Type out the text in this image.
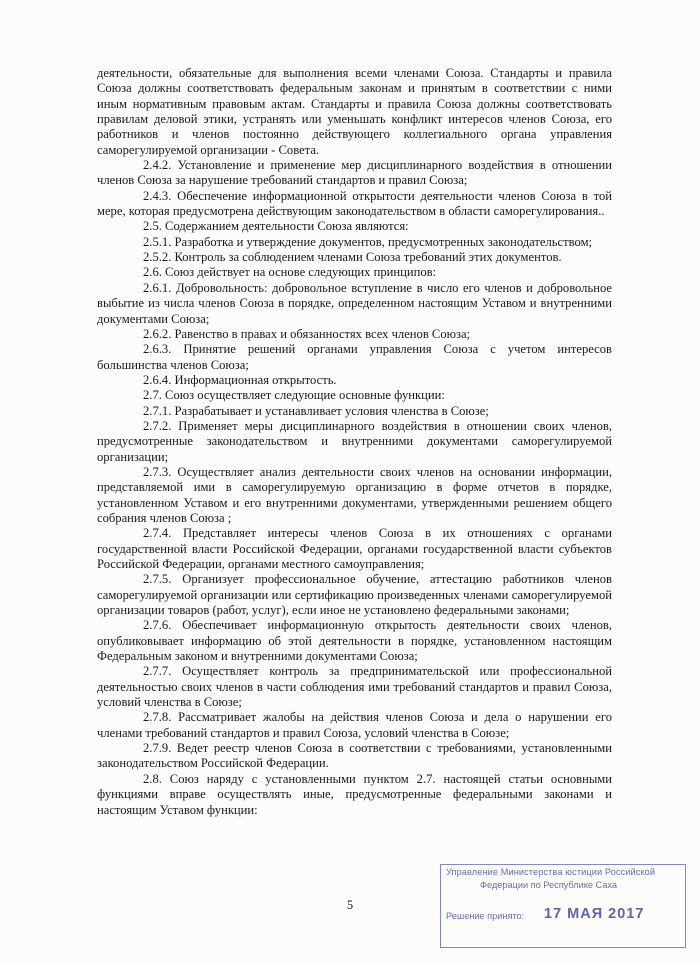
деятельности, обязательные для выполнения всеми членами Союза. Стандарты и правила Союза должны соответствовать федеральным законам и принятым в соответствии с ними иным нормативным правовым актам. Стандарты и правила Союза должны соответствовать правилам деловой этики, устранять или уменьшать конфликт интересов членов Союза, его работников и членов постоянно действующего коллегиального органа управления саморегулируемой организации - Совета.

2.4.2. Установление и применение мер дисциплинарного воздействия в отношении членов Союза за нарушение требований стандартов и правил Союза;

2.4.3. Обеспечение информационной открытости деятельности членов Союза в той мере, которая предусмотрена действующим законодательством в области саморегулирования..

2.5. Содержанием деятельности Союза являются:

2.5.1. Разработка и утверждение документов, предусмотренных законодательством;

2.5.2. Контроль за соблюдением членами Союза требований этих документов.

2.6. Союз действует на основе следующих принципов:

2.6.1. Добровольность: добровольное вступление в число его членов и добровольное выбытие из числа членов Союза в порядке, определенном настоящим Уставом и внутренними документами Союза;

2.6.2. Равенство в правах и обязанностях всех членов Союза;

2.6.3. Принятие решений органами управления Союза с учетом интересов большинства членов Союза;

2.6.4. Информационная открытость.

2.7. Союз осуществляет следующие основные функции:

2.7.1. Разрабатывает и устанавливает условия членства в Союзе;

2.7.2. Применяет меры дисциплинарного воздействия в отношении своих членов, предусмотренные законодательством и внутренними документами саморегулируемой организации;

2.7.3. Осуществляет анализ деятельности своих членов на основании информации, представляемой ими в саморегулируемую организацию в форме отчетов в порядке, установленном Уставом и его внутренними документами, утвержденными решением общего собрания членов Союза ;

2.7.4. Представляет интересы членов Союза в их отношениях с органами государственной власти Российской Федерации, органами государственной власти субъектов Российской Федерации, органами местного самоуправления;

2.7.5. Организует профессиональное обучение, аттестацию работников членов саморегулируемой организации или сертификацию произведенных членами саморегулируемой организации товаров (работ, услуг), если иное не установлено федеральными законами;

2.7.6. Обеспечивает информационную открытость деятельности своих членов, опубликовывает информацию об этой деятельности в порядке, установленном настоящим Федеральным законом и внутренними документами Союза;

2.7.7. Осуществляет контроль за предпринимательской или профессиональной деятельностью своих членов в части соблюдения ими требований стандартов и правил Союза, условий членства в Союзе;

2.7.8. Рассматривает жалобы на действия членов Союза и дела о нарушении его членами требований стандартов и правил Союза, условий членства в Союзе;

2.7.9. Ведет реестр членов Союза в соответствии с требованиями, установленными законодательством Российской Федерации.

2.8. Союз наряду с установленными пунктом 2.7. настоящей статьи основными функциями вправе осуществлять иные, предусмотренные федеральными законами и настоящим Уставом функции:

5
Управление Министерства юстиции Российской
Федерации по Республике Саха
Решение принято: 17 МАЯ 2017
